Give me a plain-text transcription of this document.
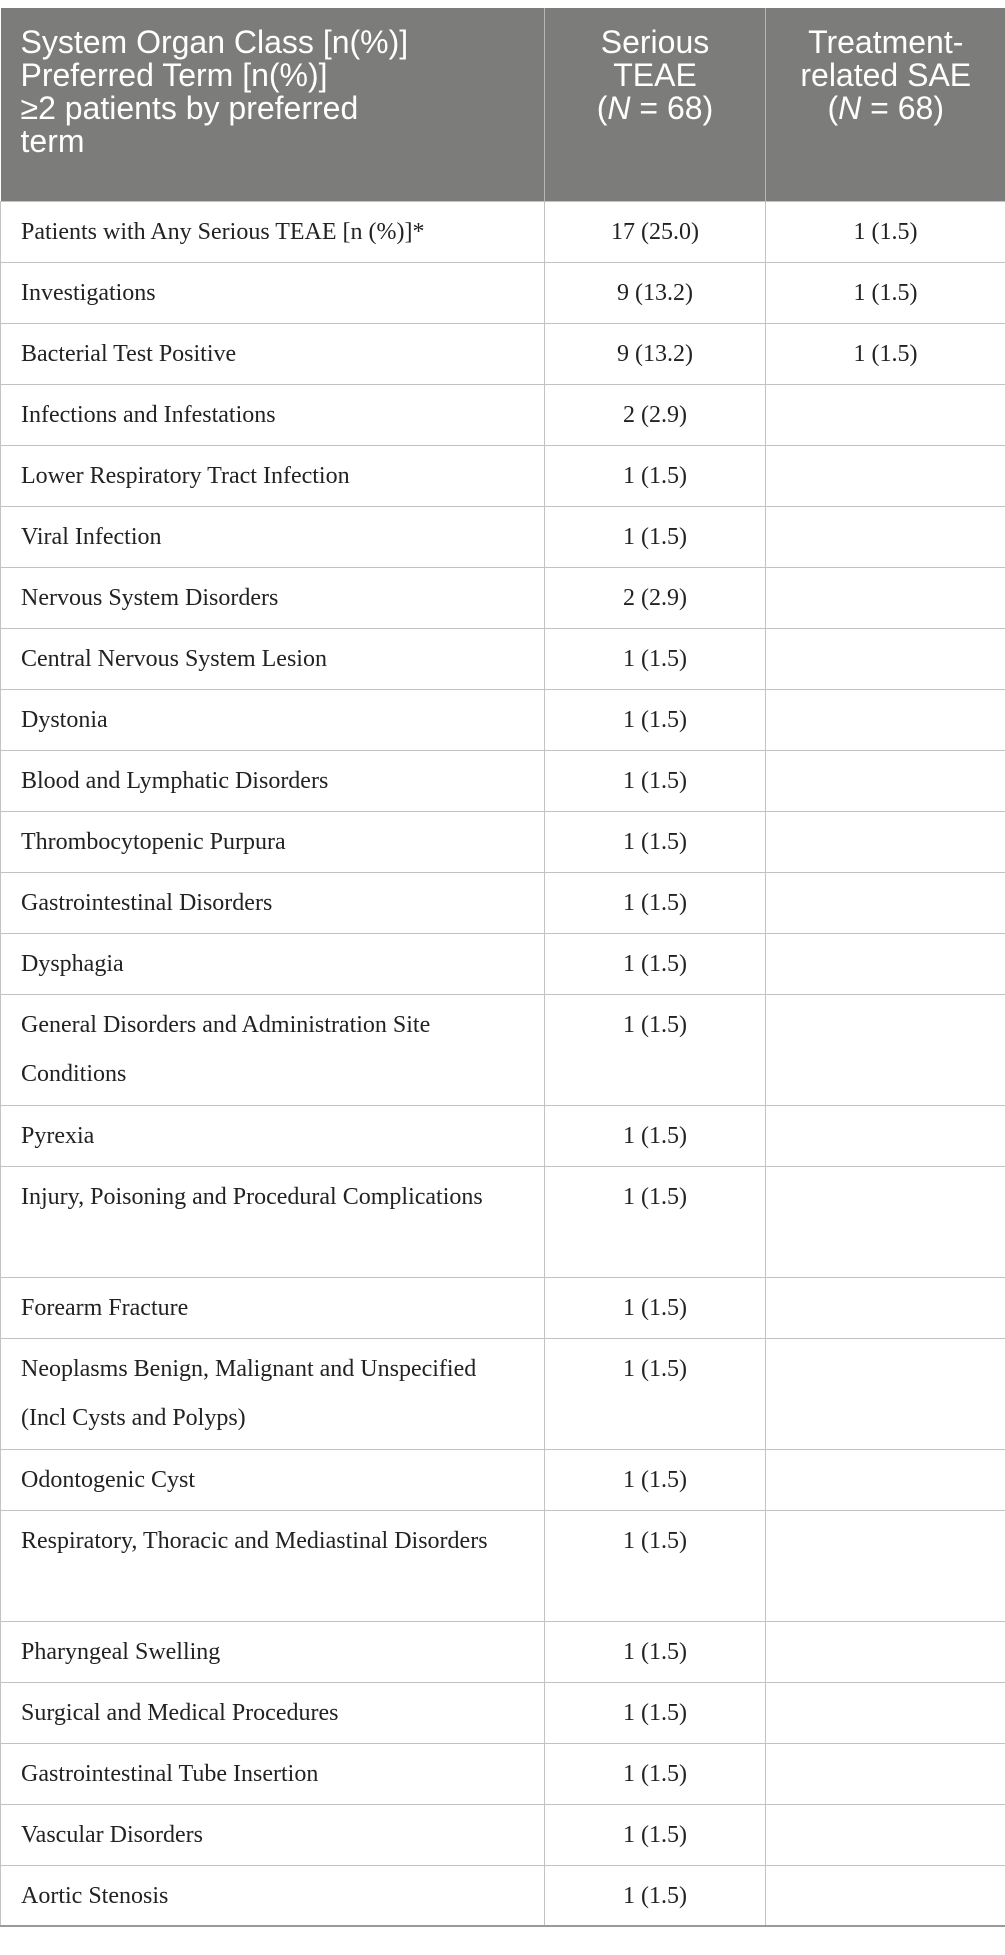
System Organ Class [n(%)]
Preferred Term [n(%)]
≥2 patients by preferred
term	Serious
TEAE
(N = 68)	Treatment-
related SAE
(N = 68)

Patients with Any Serious TEAE [n (%)]*	17 (25.0)	1 (1.5)
Investigations	9 (13.2)	1 (1.5)
Bacterial Test Positive	9 (13.2)	1 (1.5)
Infections and Infestations	2 (2.9)	
Lower Respiratory Tract Infection	1 (1.5)	
Viral Infection	1 (1.5)	
Nervous System Disorders	2 (2.9)	
Central Nervous System Lesion	1 (1.5)	
Dystonia	1 (1.5)	
Blood and Lymphatic Disorders	1 (1.5)	
Thrombocytopenic Purpura	1 (1.5)	
Gastrointestinal Disorders	1 (1.5)	
Dysphagia	1 (1.5)	
General Disorders and Administration Site Conditions	1 (1.5)	
Pyrexia	1 (1.5)	
Injury, Poisoning and Procedural Complications	1 (1.5)	
Forearm Fracture	1 (1.5)	
Neoplasms Benign, Malignant and Unspecified (Incl Cysts and Polyps)	1 (1.5)	
Odontogenic Cyst	1 (1.5)	
Respiratory, Thoracic and Mediastinal Disorders	1 (1.5)	
Pharyngeal Swelling	1 (1.5)	
Surgical and Medical Procedures	1 (1.5)	
Gastrointestinal Tube Insertion	1 (1.5)	
Vascular Disorders	1 (1.5)	
Aortic Stenosis	1 (1.5)	
